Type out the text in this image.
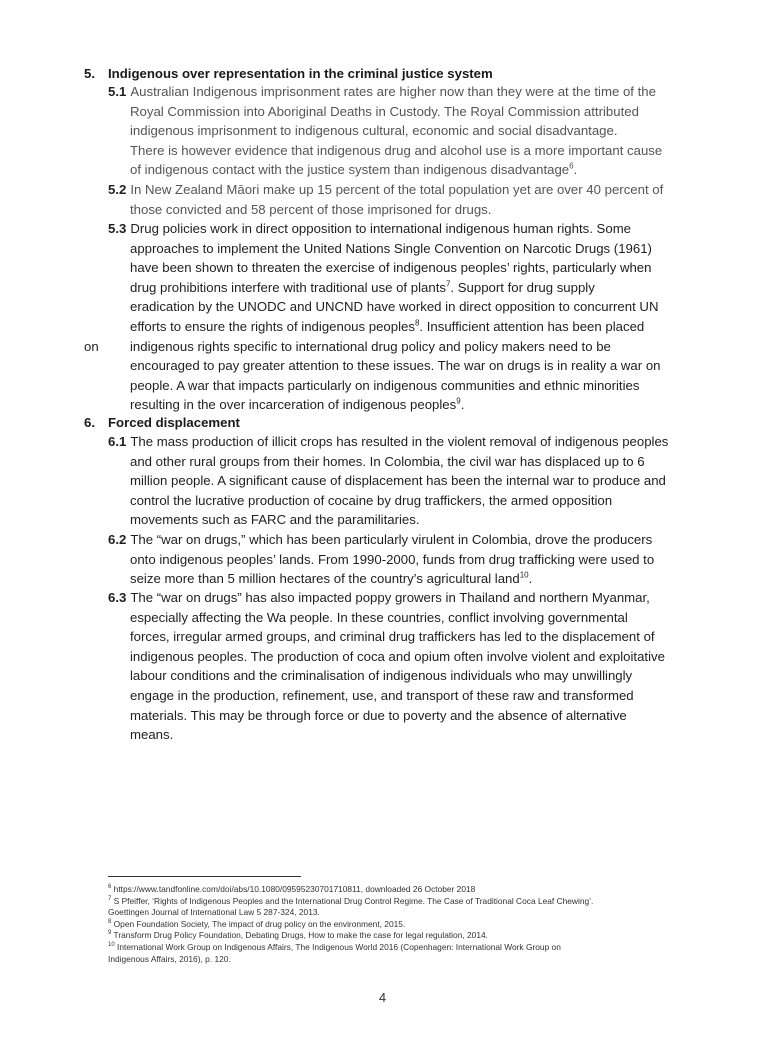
5. Indigenous over representation in the criminal justice system
5.1 Australian Indigenous imprisonment rates are higher now than they were at the time of the
Royal Commission into Aboriginal Deaths in Custody. The Royal Commission attributed
indigenous imprisonment to indigenous cultural, economic and social disadvantage.
There is however evidence that indigenous drug and alcohol use is a more important cause
of indigenous contact with the justice system than indigenous disadvantage$^6$.
5.2 In New Zealand Māori make up 15 percent of the total population yet are over 40 percent of
those convicted and 58 percent of those imprisoned for drugs.
5.3 Drug policies work in direct opposition to international indigenous human rights. Some
approaches to implement the United Nations Single Convention on Narcotic Drugs (1961)
have been shown to threaten the exercise of indigenous peoples’ rights, particularly when
drug prohibitions interfere with traditional use of plants$^7$. Support for drug supply
eradication by the UNODC and UNCND have worked in direct opposition to concurrent UN
efforts to ensure the rights of indigenous peoples$^8$. Insufficient attention has been placed
indigenous rights specific to international drug policy and policy makers need to be
encouraged to pay greater attention to these issues. The war on drugs is in reality a war on
people. A war that impacts particularly on indigenous communities and ethnic minorities
resulting in the over incarceration of indigenous peoples$^9$.
on
6. Forced displacement
6.1 The mass production of illicit crops has resulted in the violent removal of indigenous peoples
and other rural groups from their homes. In Colombia, the civil war has displaced up to 6
million people. A significant cause of displacement has been the internal war to produce and
control the lucrative production of cocaine by drug traffickers, the armed opposition
movements such as FARC and the paramilitaries.
6.2 The “war on drugs,” which has been particularly virulent in Colombia, drove the producers
onto indigenous peoples’ lands. From 1990-2000, funds from drug trafficking were used to
seize more than 5 million hectares of the country’s agricultural land$^{10}$.
6.3 The “war on drugs” has also impacted poppy growers in Thailand and northern Myanmar,
especially affecting the Wa people. In these countries, conflict involving governmental
forces, irregular armed groups, and criminal drug traffickers has led to the displacement of
indigenous peoples. The production of coca and opium often involve violent and exploitative
labour conditions and the criminalisation of indigenous individuals who may unwillingly
engage in the production, refinement, use, and transport of these raw and transformed
materials. This may be through force or due to poverty and the absence of alternative
means.
$^6$ https://www.tandfonline.com/doi/abs/10.1080/09595230701710811, downloaded 26 October 2018
$^7$ S Pfeiffer, ‘Rights of Indigenous Peoples and the International Drug Control Regime. The Case of Traditional Coca Leaf Chewing’.
Goettingen Journal of International Law 5 287-324, 2013.
$^8$ Open Foundation Society, The impact of drug policy on the environment, 2015.
$^9$ Transform Drug Policy Foundation, Debating Drugs, How to make the case for legal regulation, 2014.
$^{10}$ International Work Group on Indigenous Affairs, The Indigenous World 2016 (Copenhagen: International Work Group on
Indigenous Affairs, 2016), p. 120.
4
